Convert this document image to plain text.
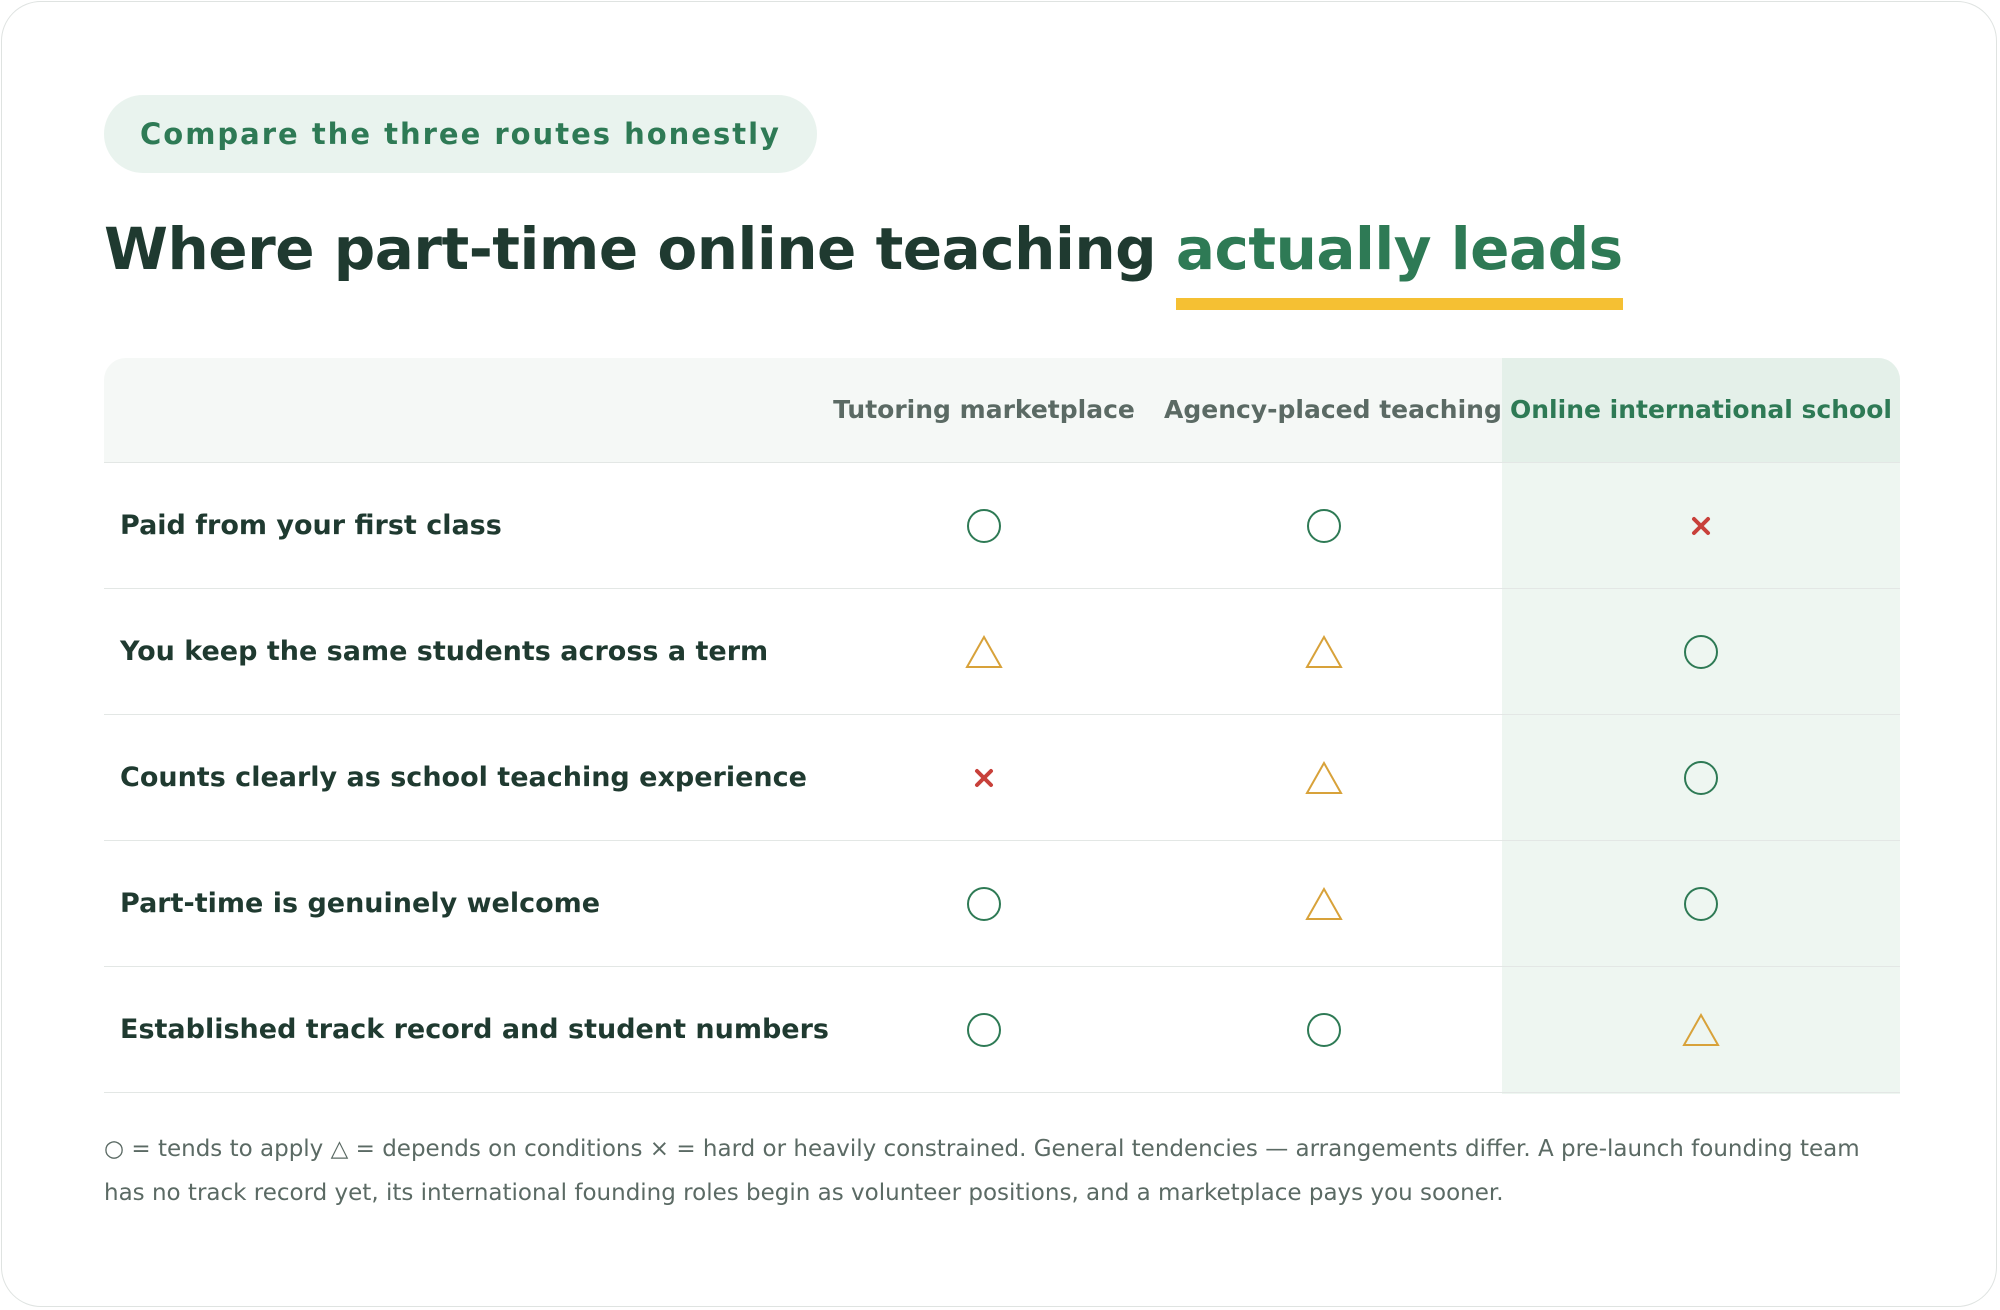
Compare the three routes honestly
Where part-time online teaching actually leads
Tutoring marketplace	Agency-placed teaching Online international school
Paid from your first class
You keep the same students across a term
Counts clearly as school teaching experience
Part-time is genuinely welcome
Established track record and student numbers

○ = tends to apply △ = depends on conditions × = hard or heavily constrained. General tendencies — arrangements differ. A pre-launch founding team has no track record yet, its international founding roles begin as volunteer positions, and a marketplace pays you sooner.
